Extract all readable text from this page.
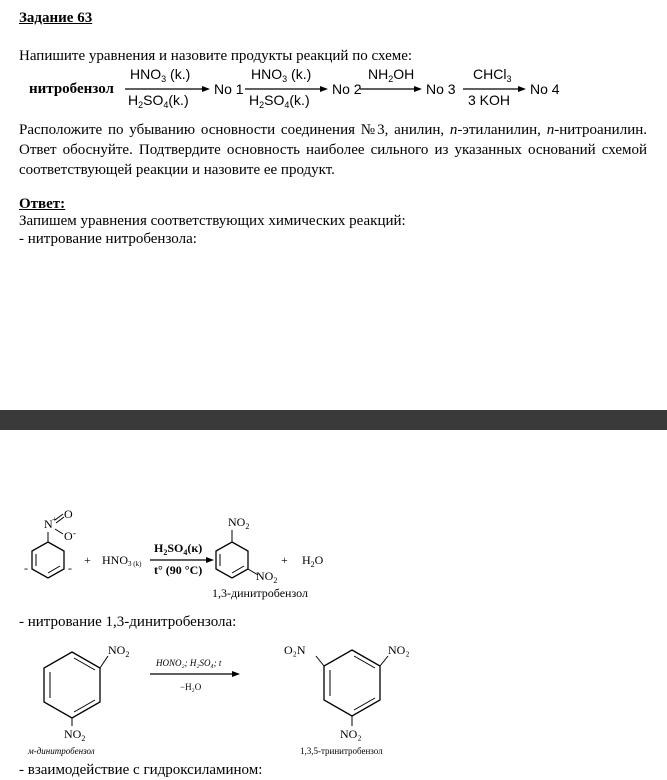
Задание 63
Напишите уравнения и назовите продукты реакций по схеме:
нитробензол
$HNO_3$ (k.)
$H_2SO_4(k.)$
No 1
$HNO_3$ (k.)
$H_2SO_4(k.)$
No 2
$NH_2OH$
No 3
CHCl$_3$
3 KOH
No 4
Расположите по убыванию основности соединения №3, анилин, п-этиланилин, п-нитроанилин. Ответ обоснуйте. Подтвердите основность наиболее сильного из указанных оснований схемой соответствующей реакции и назовите ее продукт.
Ответ:
Запишем уравнения соответствующих химических реакций:
- нитрование нитробензола:
N + O
O -
-	-
+ HNO3 (k)
$H_2SO_4(к)$
t° (90 °C)
$NO_2$
$NO_2$
+ $H_2O$
1,3-динитробензол
- нитрование 1,3-динитробензола:
$NO_2$
$NO_2$
м-динитробензол
HONO₂; H₂SO₄; t
−H₂O
O₂N	NO₂
NO₂
1,3,5-тринитробензол
- взаимодействие с гидроксиламином:
